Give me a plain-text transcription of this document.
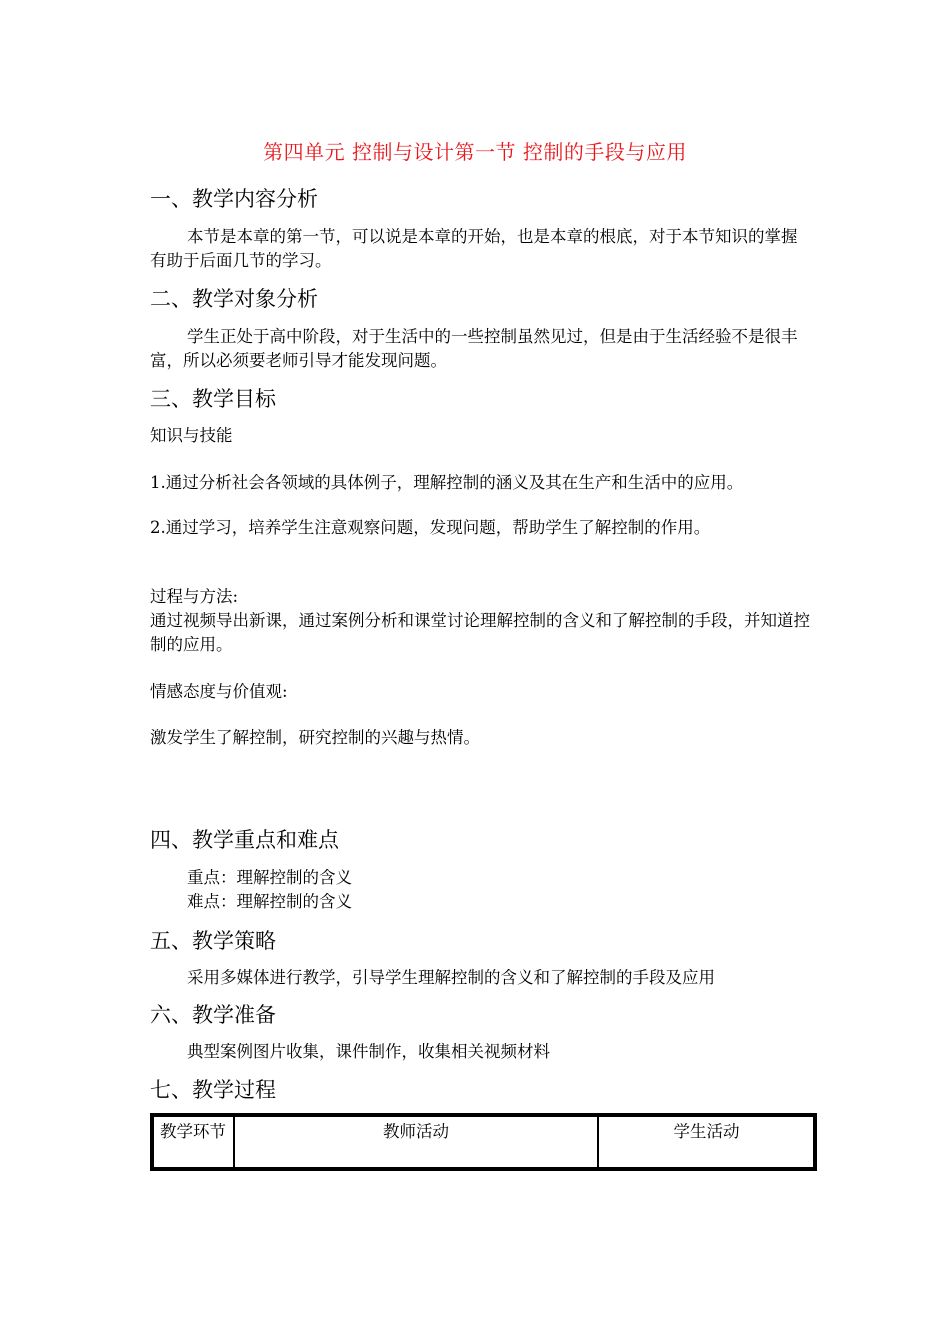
第四单元 控制与设计第一节 控制的手段与应用
一、教学内容分析
本节是本章的第一节，可以说是本章的开始，也是本章的根底，对于本节知识的掌握有助于后面几节的学习。
二、教学对象分析
学生正处于高中阶段，对于生活中的一些控制虽然见过，但是由于生活经验不是很丰富，所以必须要老师引导才能发现问题。
三、教学目标
知识与技能
1.通过分析社会各领域的具体例子，理解控制的涵义及其在生产和生活中的应用。
2.通过学习，培养学生注意观察问题，发现问题，帮助学生了解控制的作用。
过程与方法:
通过视频导出新课，通过案例分析和课堂讨论理解控制的含义和了解控制的手段，并知道控制的应用。
情感态度与价值观:
激发学生了解控制，研究控制的兴趣与热情。
四、教学重点和难点
重点：理解控制的含义
难点：理解控制的含义
五、教学策略
采用多媒体进行教学，引导学生理解控制的含义和了解控制的手段及应用
六、教学准备
典型案例图片收集，课件制作，收集相关视频材料
七、教学过程
教学环节	教师活动	学生活动
